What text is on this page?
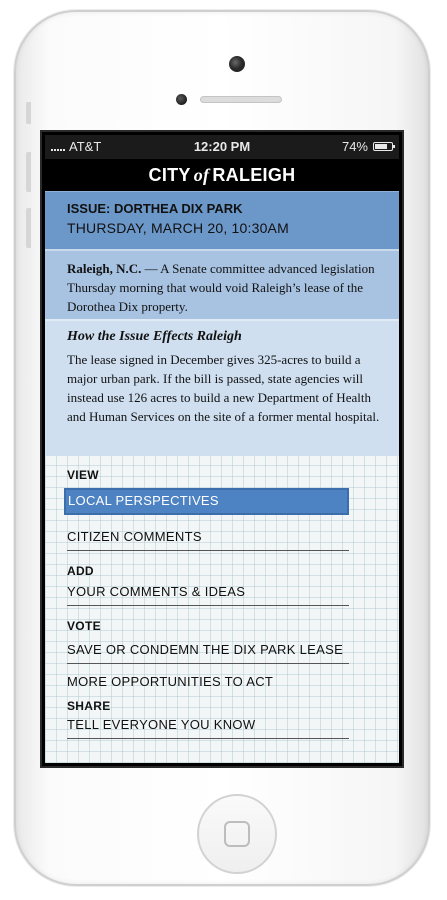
AT&T	12:20 PM	74%
CITY of RALEIGH
ISSUE: DORTHEA DIX PARK
THURSDAY, MARCH 20, 10:30AM
Raleigh, N.C. — A Senate committee advanced legislation Thursday morning that would void Raleigh’s lease of the Dorothea Dix property.
How the Issue Effects Raleigh

The lease signed in December gives 325-acres to build a major urban park. If the bill is passed, state agencies will instead use 126 acres to build a new Department of Health and Human Services on the site of a former mental hospital.

VIEW
LOCAL PERSPECTIVES
CITIZEN COMMENTS
ADD
YOUR COMMENTS & IDEAS
VOTE
SAVE OR CONDEMN THE DIX PARK LEASE
MORE OPPORTUNITIES TO ACT
SHARE
TELL EVERYONE YOU KNOW
